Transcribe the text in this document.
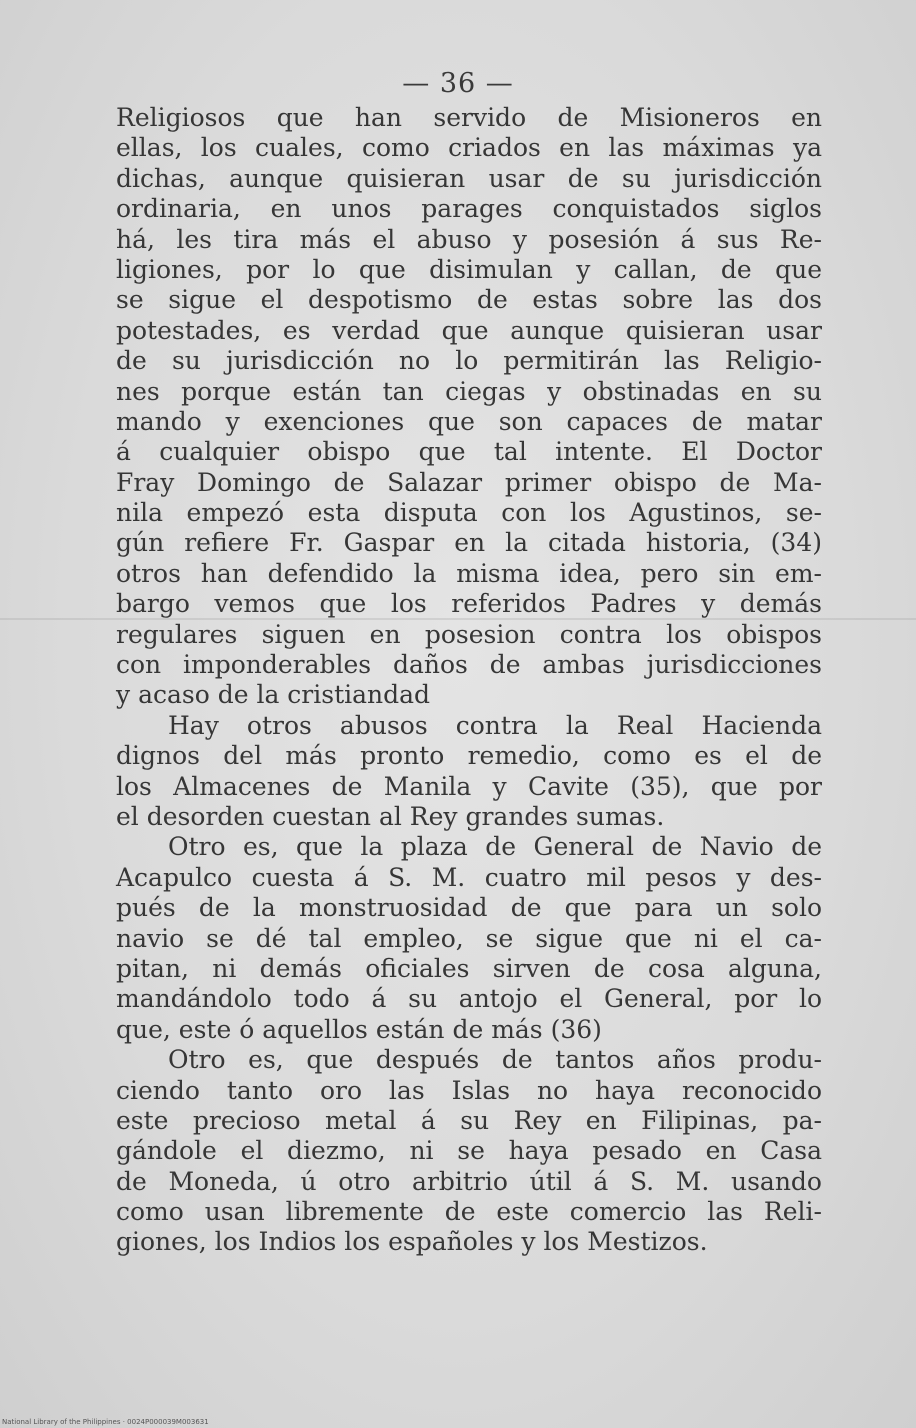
— 36 —
Religiosos que han servido de Misioneros en
ellas, los cuales, como criados en las máximas ya
dichas, aunque quisieran usar de su jurisdicción
ordinaria, en unos parages conquistados siglos
há, les tira más el abuso y posesión á sus Re-
ligiones, por lo que disimulan y callan, de que
se sigue el despotismo de estas sobre las dos
potestades, es verdad que aunque quisieran usar
de su jurisdicción no lo permitirán las Religio-
nes porque están tan ciegas y obstinadas en su
mando y exenciones que son capaces de matar
á cualquier obispo que tal intente. El Doctor
Fray Domingo de Salazar primer obispo de Ma-
nila empezó esta disputa con los Agustinos, se-
gún refiere Fr. Gaspar en la citada historia, (34)
otros han defendido la misma idea, pero sin em-
bargo vemos que los referidos Padres y demás
regulares siguen en posesion contra los obispos
con imponderables daños de ambas jurisdicciones
y acaso de la cristiandad
Hay otros abusos contra la Real Hacienda
dignos del más pronto remedio, como es el de
los Almacenes de Manila y Cavite (35), que por
el desorden cuestan al Rey grandes sumas.
Otro es, que la plaza de General de Navio de
Acapulco cuesta á S. M. cuatro mil pesos y des-
pués de la monstruosidad de que para un solo
navio se dé tal empleo, se sigue que ni el ca-
pitan, ni demás oficiales sirven de cosa alguna,
mandándolo todo á su antojo el General, por lo
que, este ó aquellos están de más (36)
Otro es, que después de tantos años produ-
ciendo tanto oro las Islas no haya reconocido
este precioso metal á su Rey en Filipinas, pa-
gándole el diezmo, ni se haya pesado en Casa
de Moneda, ú otro arbitrio útil á S. M. usando
como usan libremente de este comercio las Reli-
giones, los Indios los españoles y los Mestizos.
National Library of the Philippines · 0024P000039M003631
